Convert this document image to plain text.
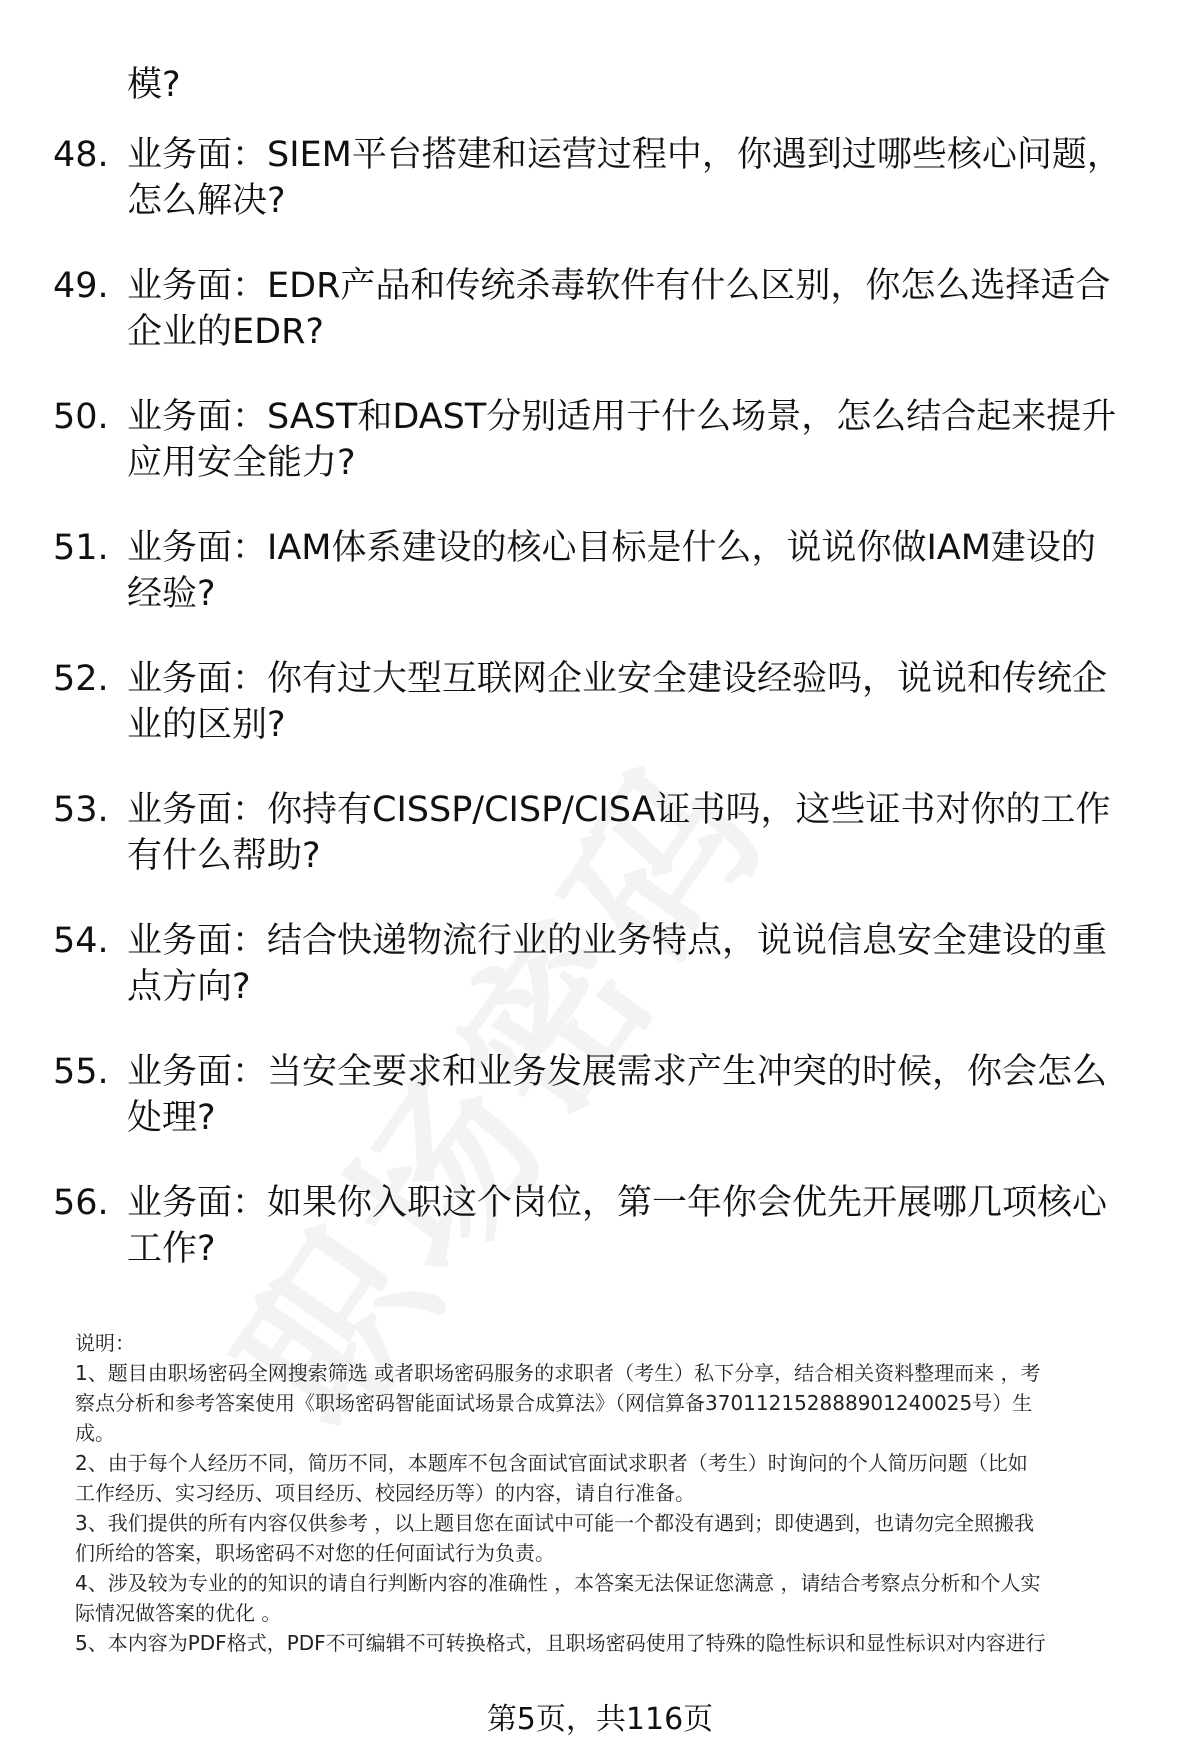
模?
48. 业务面：SIEM平台搭建和运营过程中，你遇到过哪些核心问题，
怎么解决?
49. 业务面：EDR产品和传统杀毒软件有什么区别，你怎么选择适合
企业的EDR?
50. 业务面：SAST和DAST分别适用于什么场景，怎么结合起来提升
应用安全能力?
51. 业务面：IAM体系建设的核心目标是什么，说说你做IAM建设的
经验?
52. 业务面：你有过大型互联网企业安全建设经验吗，说说和传统企
业的区别?
53. 业务面：你持有CISSP/CISP/CISA证书吗，这些证书对你的工作
有什么帮助?
54. 业务面：结合快递物流行业的业务特点，说说信息安全建设的重
点方向?
55. 业务面：当安全要求和业务发展需求产生冲突的时候，你会怎么
处理?
56. 业务面：如果你入职这个岗位，第一年你会优先开展哪几项核心
工作?

说明：

1、题目由职场密码全网搜索筛选 或者职场密码服务的求职者（考生）私下分享，结合相关资料整理而来 ，考

察点分析和参考答案使用《职场密码智能面试场景合成算法》（网信算备370112152888901240025号）生

成。

2、由于每个人经历不同，简历不同，本题库不包含面试官面试求职者（考生）时询问的个人简历问题（比如

工作经历、实习经历、项目经历、校园经历等）的内容，请自行准备。

3、我们提供的所有内容仅供参考 ，以上题目您在面试中可能一个都没有遇到；即使遇到，也请勿完全照搬我

们所给的答案，职场密码不对您的任何面试行为负责。

4、涉及较为专业的的知识的请自行判断内容的准确性 ，本答案无法保证您满意 ，请结合考察点分析和个人实

际情况做答案的优化 。

5、本内容为PDF格式，PDF不可编辑不可转换格式，且职场密码使用了特殊的隐性标识和显性标识对内容进行

第5页，共116页
